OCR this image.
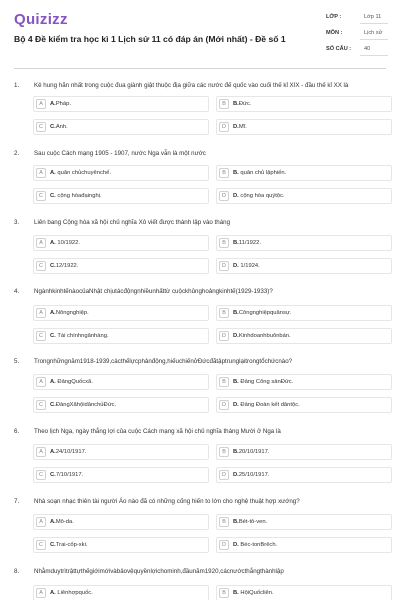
Quizizz
Bộ 4 Đề kiểm tra học kì 1 Lịch sử 11 có đáp án (Mới nhất) - Đề số 1
LỚP :	Lớp 11
MÔN :	Lịch sử
SỐ CÂU : 40
1. Kẻ hung hãn nhất trong cuộc đua giành giật thuộc địa giữa các nước đế quốc vào cuối thế kỉ XIX - đầu thế kỉ XX là
A	A.Pháp.	B	B.Đức.
C	C.Anh.	D	D.Mĩ.
2. Sau cuộc Cách mạng 1905 - 1907, nước Nga vẫn là một nước
A	A. quân chủchuyênchế.	B	B. quân chủ lậphiến.
C	C. cộng hòađạinghị.	D	D. cộng hòa quýtộc.
3. Liên bang Cộng hòa xã hội chủ nghĩa Xô viết được thành lập vào tháng
A	A. 10/1922.	B	B.11/1922.
C	C.12/1922.	D	D. 1/1924.
4. NgànhkinhtếnàocủaNhật chịutácđộngnhiềunhấttừ cuộckhủnghoảngkinhtế(1929-1933)?
A	A.Nôngnghiệp.	B	B.Côngnghiệpquânsự.
C	C. Tài chínhngânhàng.	D	D.Kinhdoanhbuônbán.
5. Trongnhữngnăm1918-1939,cácthếlựcphảnđộng,hiếuchiếnởĐứcđãtậptrunglạitrongtổchứcnào?
A	A. ĐảngQuốcxã.	B	B. Đảng Công sảnĐức.
C	C.ĐảngXãhộidânchủĐức.	D	D. Đảng Đoàn kết dântộc.
6. Theo lịch Nga, ngày thắng lợi của cuộc Cách mạng xã hội chủ nghĩa tháng Mười ở Nga là
A	A.24/10/1917.	B	B.20/10/1917.
C	C.7/10/1917.	D	D.25/10/1917.
7. Nhà soạn nhạc thiên tài người Áo nào đã có những cống hiến to lớn cho nghệ thuật hợp xướng?
A	A.Mô-da.	B	B.Bét-tô-ven.
C	C.Trai-cốp-xki.	D	D. Béc-tonBrêch.
8. Nhằmduytrìtrậttựthếgiớimớivàbảovệquyềnlợichominh,đầunăm1920,cácnướcthắngthànhlập
A	A. Liênhợpquốc.	B	B. HộiQuốcliên.
